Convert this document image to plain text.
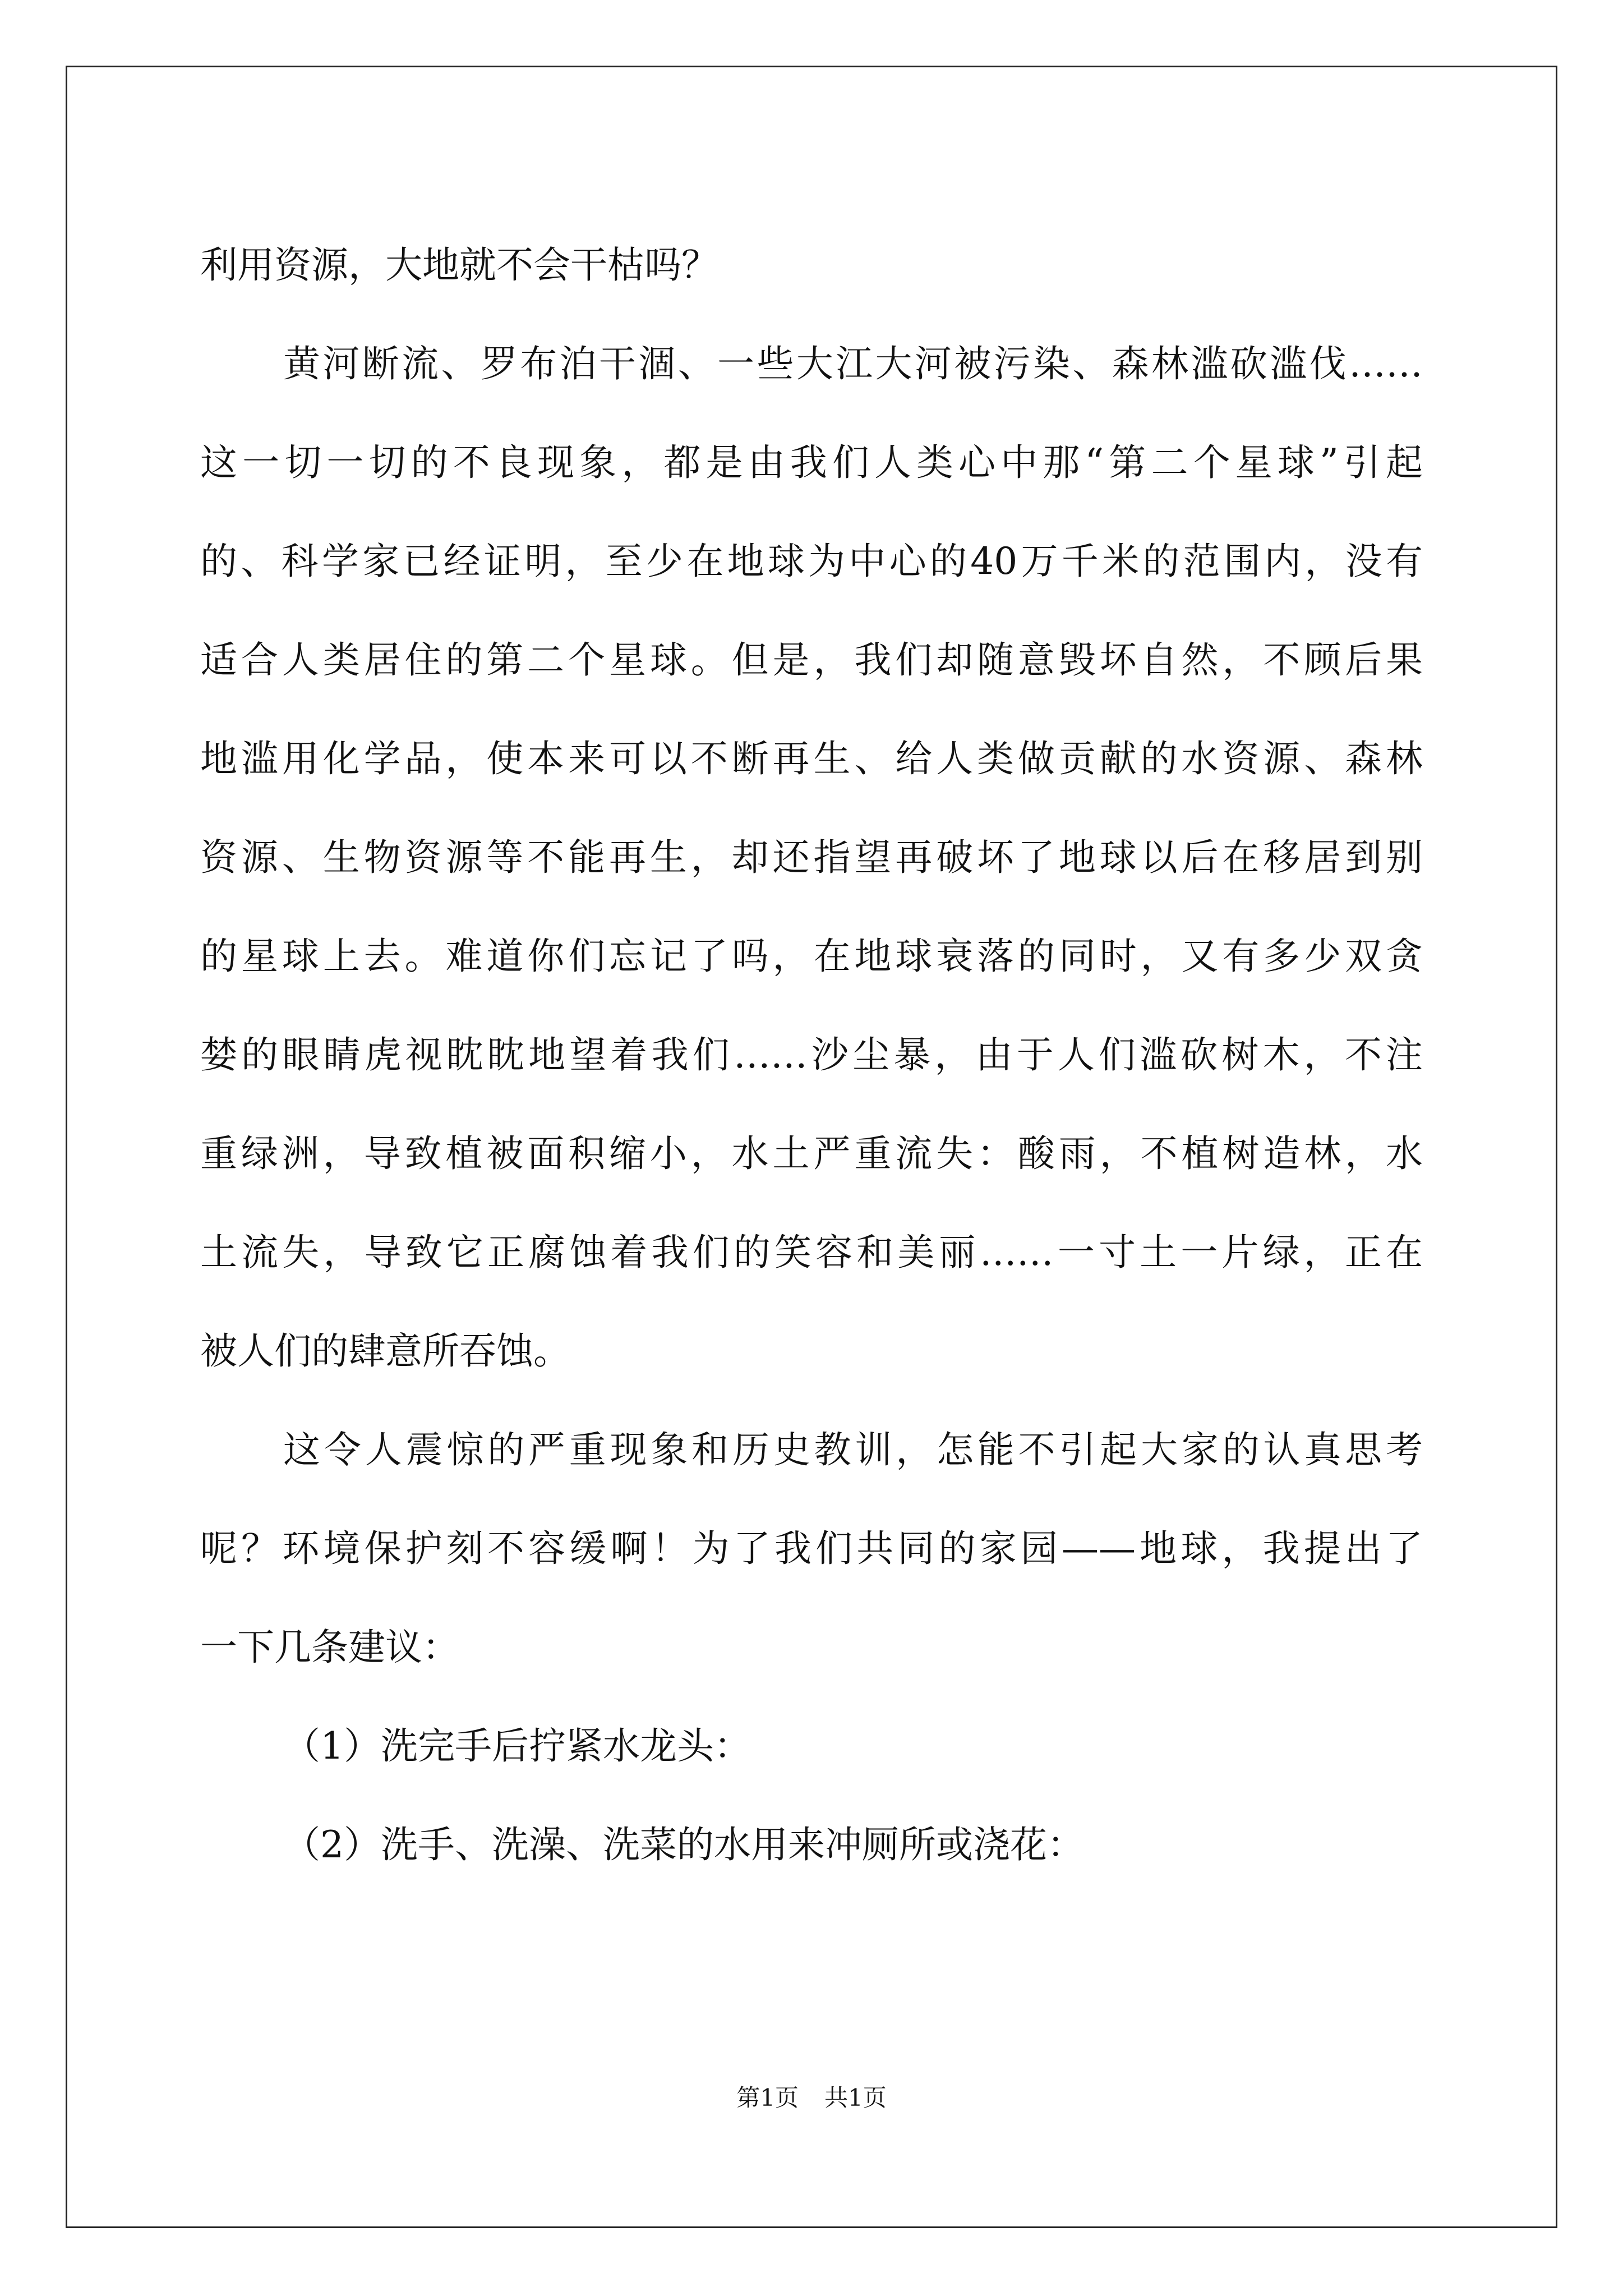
利用资源，大地就不会干枯吗？
黄河断流、罗布泊干涸、一些大江大河被污染、森林滥砍滥伐……
这一切一切的不良现象，都是由我们人类心中那“第二个星球”引起
的、科学家已经证明，至少在地球为中心的40万千米的范围内，没有
适合人类居住的第二个星球。但是，我们却随意毁坏自然，不顾后果
地滥用化学品，使本来可以不断再生、给人类做贡献的水资源、森林
资源、生物资源等不能再生，却还指望再破坏了地球以后在移居到别
的星球上去。难道你们忘记了吗，在地球衰落的同时，又有多少双贪
婪的眼睛虎视眈眈地望着我们……沙尘暴，由于人们滥砍树木，不注
重绿洲，导致植被面积缩小，水土严重流失：酸雨，不植树造林，水
土流失，导致它正腐蚀着我们的笑容和美丽……一寸土一片绿，正在
被人们的肆意所吞蚀。
这令人震惊的严重现象和历史教训，怎能不引起大家的认真思考
呢？环境保护刻不容缓啊！为了我们共同的家园——地球，我提出了
一下几条建议：
（1）洗完手后拧紧水龙头：
（2）洗手、洗澡、洗菜的水用来冲厕所或浇花：
第1页 共1页
